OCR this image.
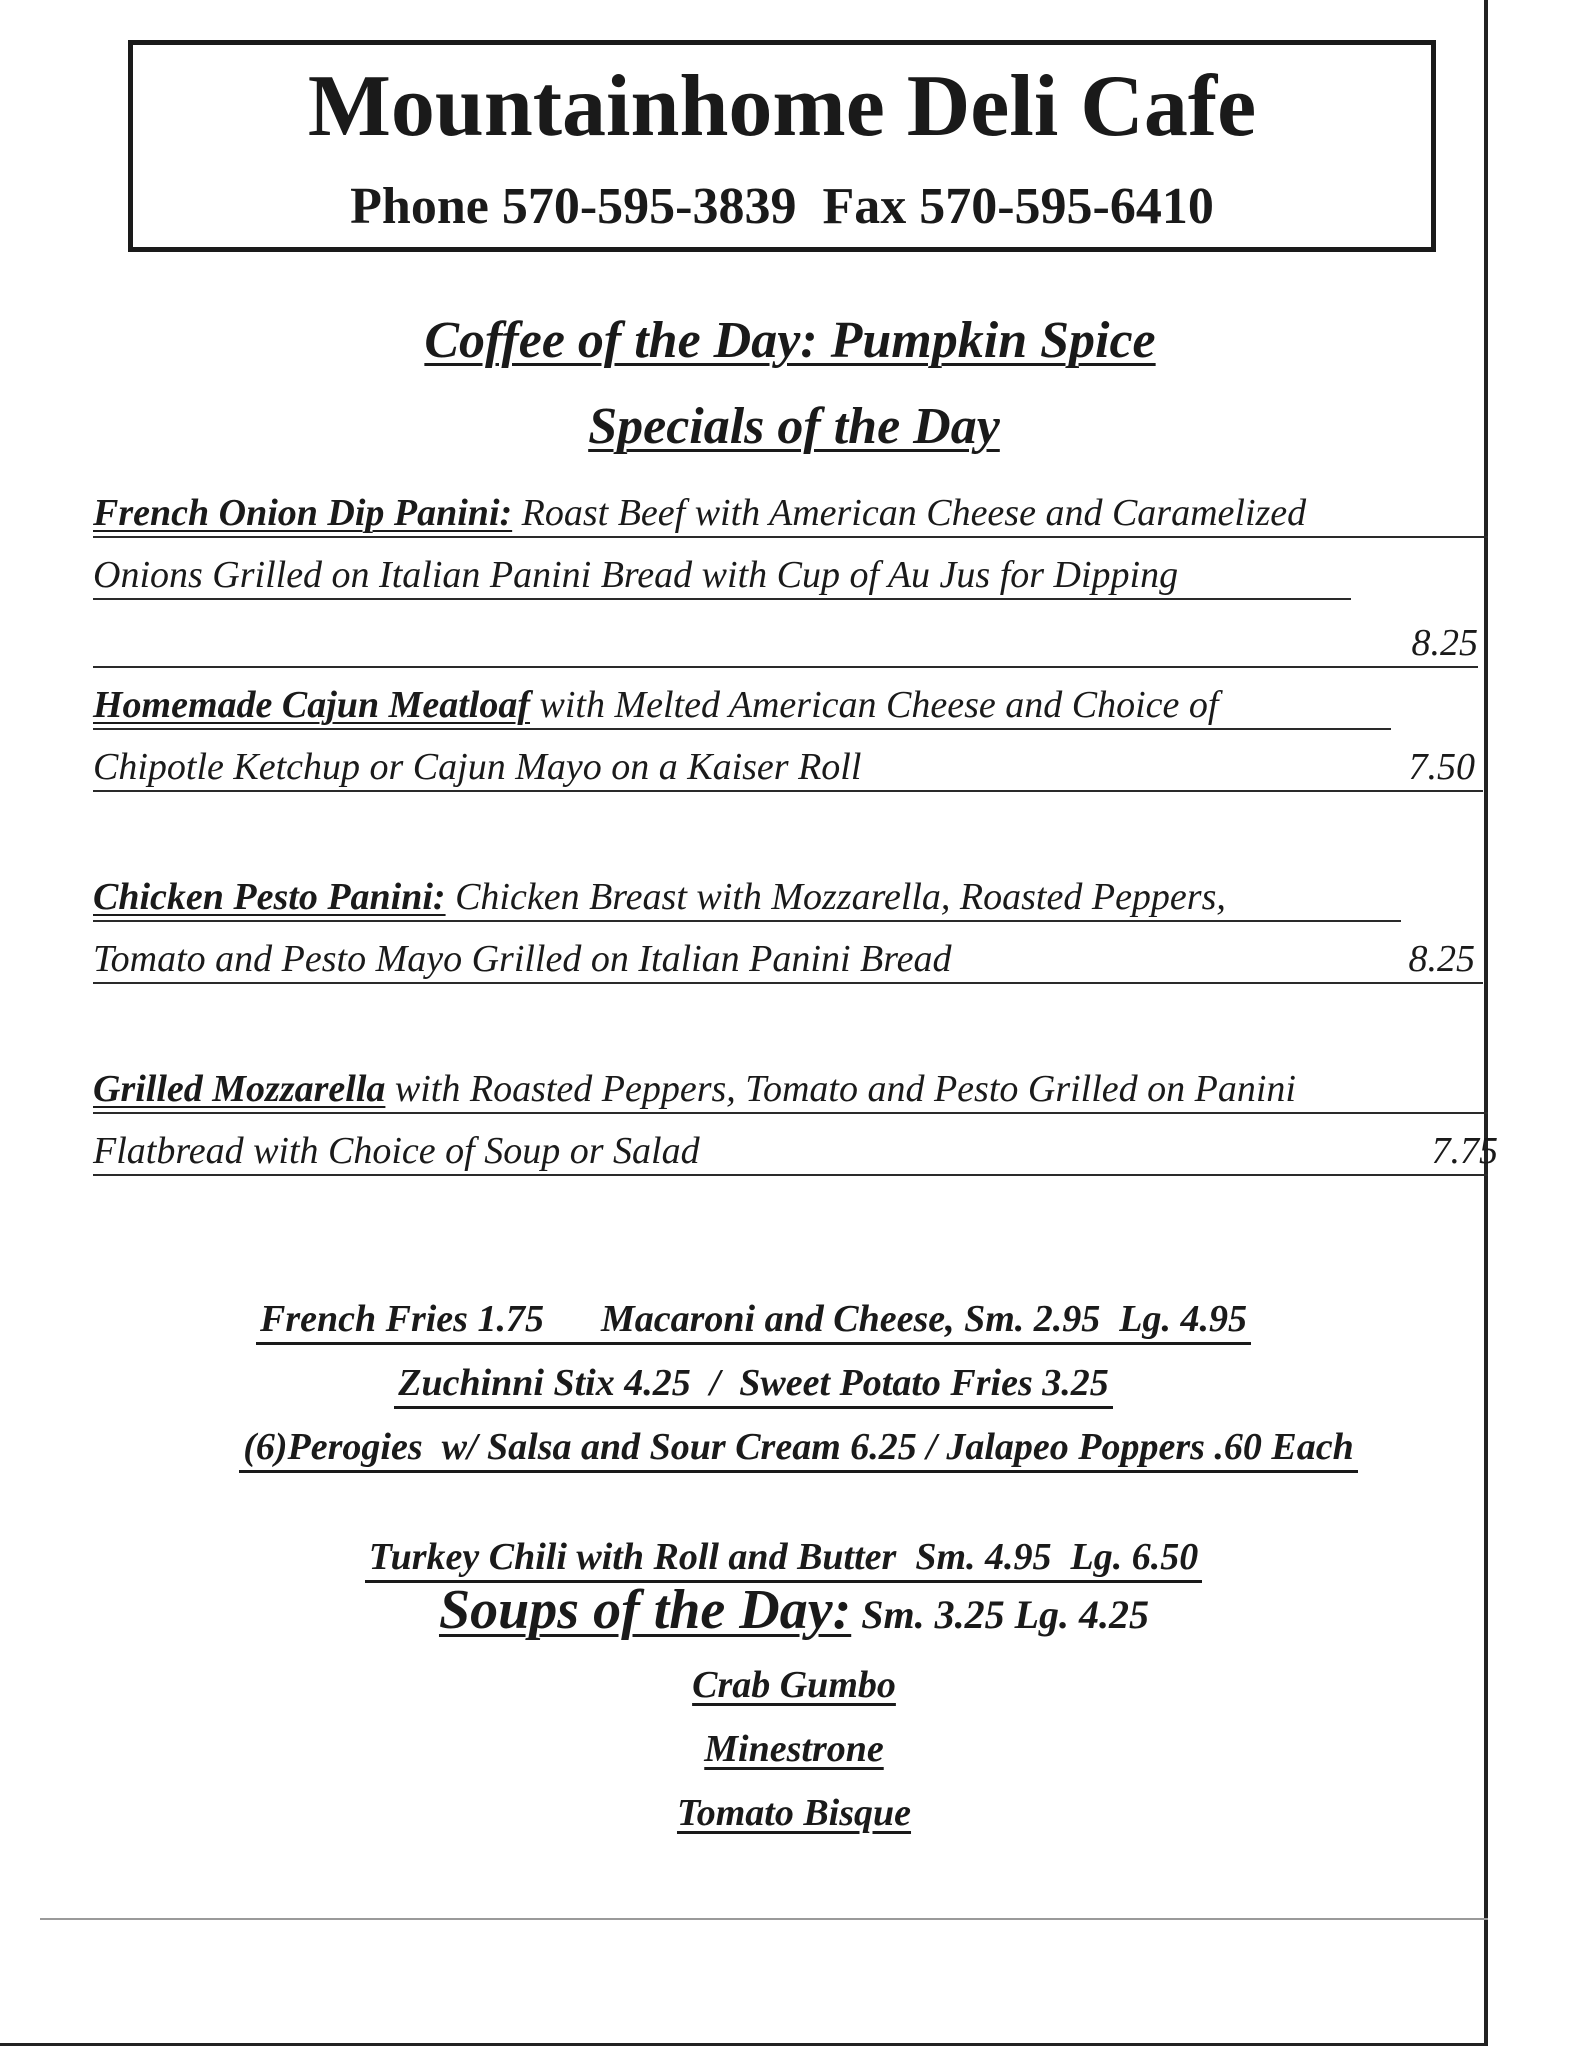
Mountainhome Deli Cafe
Phone 570-595-3839  Fax 570-595-6410
Coffee of the Day: Pumpkin Spice
Specials of the Day
French Onion Dip Panini: Roast Beef with American Cheese and Caramelized
Onions Grilled on Italian Panini Bread with Cup of Au Jus for Dipping
8.25
Homemade Cajun Meatloaf with Melted American Cheese and Choice of
Chipotle Ketchup or Cajun Mayo on a Kaiser Roll	7.50
Chicken Pesto Panini: Chicken Breast with Mozzarella, Roasted Peppers,
Tomato and Pesto Mayo Grilled on Italian Panini Bread	8.25
Grilled Mozzarella with Roasted Peppers, Tomato and Pesto Grilled on Panini
Flatbread with Choice of Soup or Salad	7.75

French Fries 1.75      Macaroni and Cheese, Sm. 2.95  Lg. 4.95

Zuchinni Stix 4.25  /  Sweet Potato Fries 3.25

(6)Perogies  w/ Salsa and Sour Cream 6.25 / Jalapeo Poppers .60 Each

Turkey Chili with Roll and Butter  Sm. 4.95  Lg. 6.50

Soups of the Day: Sm. 3.25 Lg. 4.25
Crab Gumbo
Minestrone
Tomato Bisque
